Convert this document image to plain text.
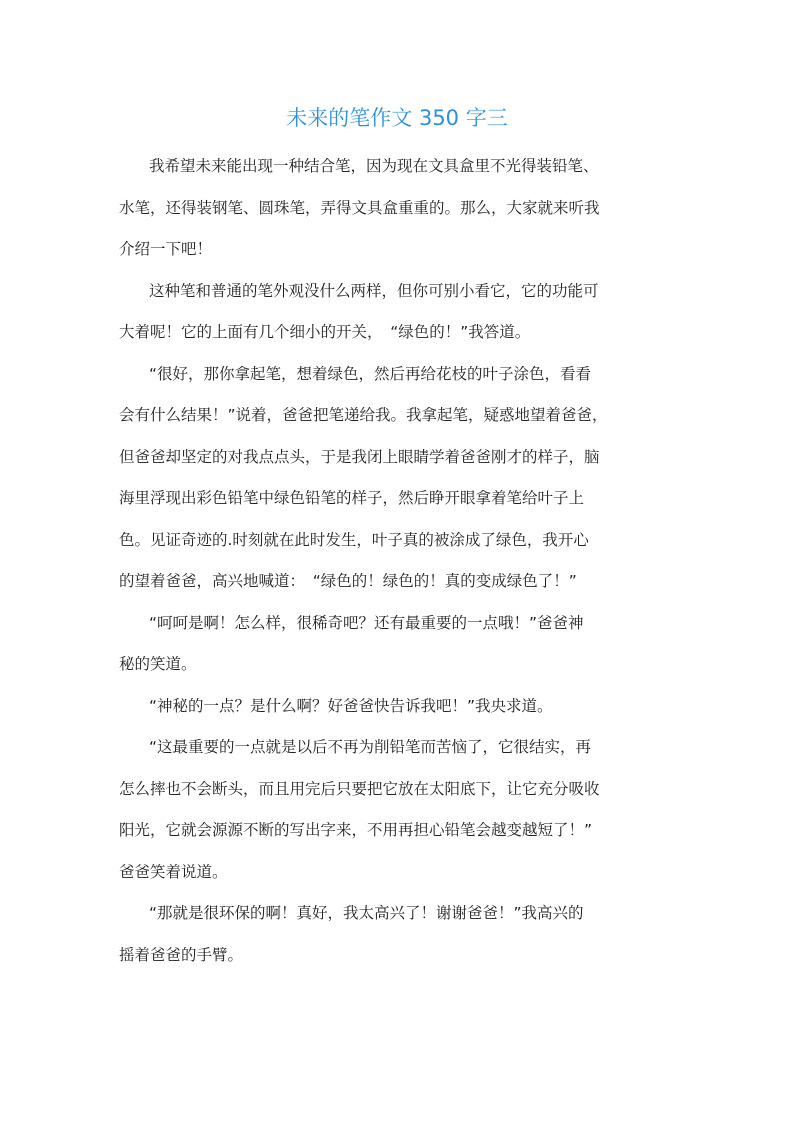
未来的笔作文 350 字三

我希望未来能出现一种结合笔，因为现在文具盒里不光得装铅笔、
水笔，还得装钢笔、圆珠笔，弄得文具盒重重的。那么，大家就来听我
介绍一下吧！

这种笔和普通的笔外观没什么两样，但你可别小看它，它的功能可
大着呢！它的上面有几个细小的开关，　“绿色的！”我答道。

“很好，那你拿起笔，想着绿色，然后再给花枝的叶子涂色，看看
会有什么结果！”说着，爸爸把笔递给我。我拿起笔，疑惑地望着爸爸，
但爸爸却坚定的对我点点头，于是我闭上眼睛学着爸爸刚才的样子，脑
海里浮现出彩色铅笔中绿色铅笔的样子，然后睁开眼拿着笔给叶子上
色。见证奇迹的.时刻就在此时发生，叶子真的被涂成了绿色，我开心
的望着爸爸，高兴地喊道：　“绿色的！绿色的！真的变成绿色了！”

“呵呵是啊！怎么样，很稀奇吧？还有最重要的一点哦！”爸爸神
秘的笑道。

“神秘的一点？是什么啊？好爸爸快告诉我吧！”我央求道。

“这最重要的一点就是以后不再为削铅笔而苦恼了，它很结实，再
怎么摔也不会断头，而且用完后只要把它放在太阳底下，让它充分吸收
阳光，它就会源源不断的写出字来，不用再担心铅笔会越变越短了！”
爸爸笑着说道。

“那就是很环保的啊！真好，我太高兴了！谢谢爸爸！”我高兴的
摇着爸爸的手臂。
